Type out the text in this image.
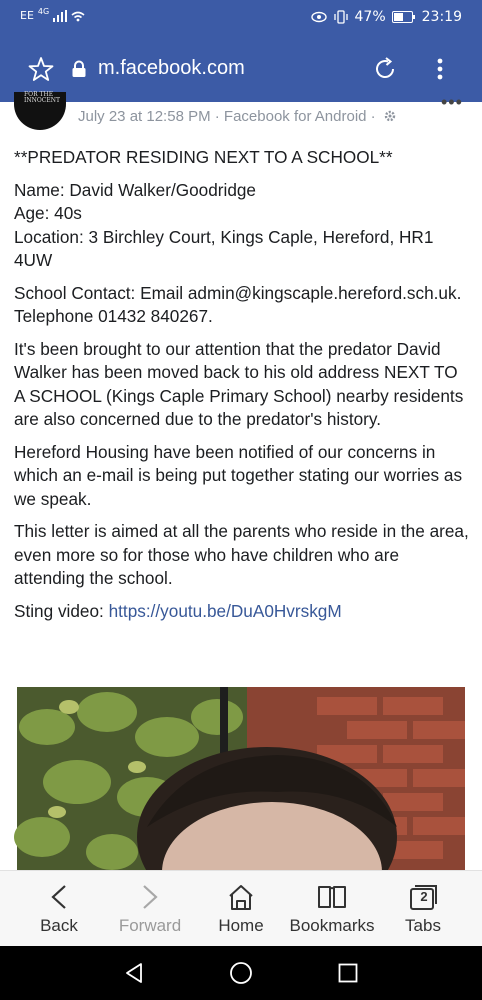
EE 4G	47%	23:19
m.facebook.com
FOR THE INNOCENT
July 23 at 12:58 PM · Facebook for Android ·
•••

**PREDATOR RESIDING NEXT TO A SCHOOL**

Name: David Walker/Goodridge
Age: 40s
Location: 3 Birchley Court, Kings Caple, Hereford, HR1 4UW

School Contact: Email admin@kingscaple.hereford.sch.uk. Telephone 01432 840267.

It's been brought to our attention that the predator David Walker has been moved back to his old address NEXT TO A SCHOOL (Kings Caple Primary School) nearby residents are also concerned due to the predator's history.

Hereford Housing have been notified of our concerns in which an e-mail is being put together stating our worries as we speak.

This letter is aimed at all the parents who reside in the area, even more so for those who have children who are attending the school.

Sting video: https://youtu.be/DuA0HvrskgM

Back	Forward	Home	Bookmarks
2
Tabs
